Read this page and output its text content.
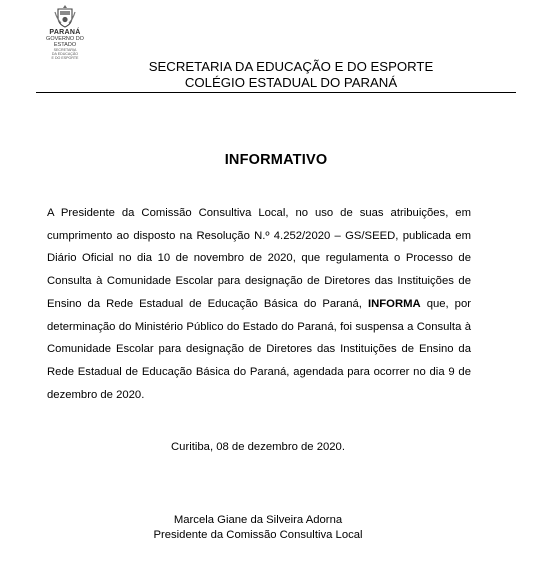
PARANÁ
GOVERNO DO ESTADO
SECRETARIA
DA EDUCAÇÃO
E DO ESPORTE
SECRETARIA DA EDUCAÇÃO E DO ESPORTE
COLÉGIO ESTADUAL DO PARANÁ
INFORMATIVO
A Presidente da Comissão Consultiva Local, no uso de suas atribuições, em cumprimento ao disposto na Resolução N.º 4.252/2020 – GS/SEED, publicada em Diário Oficial no dia 10 de novembro de 2020, que regulamenta o Processo de Consulta à Comunidade Escolar para designação de Diretores das Instituições de Ensino da Rede Estadual de Educação Básica do Paraná, INFORMA que, por determinação do Ministério Público do Estado do Paraná, foi suspensa a Consulta à Comunidade Escolar para designação de Diretores das Instituições de Ensino da Rede Estadual de Educação Básica do Paraná, agendada para ocorrer no dia 9 de dezembro de 2020.
Curitiba, 08 de dezembro de 2020.
Marcela Giane da Silveira Adorna
Presidente da Comissão Consultiva Local
